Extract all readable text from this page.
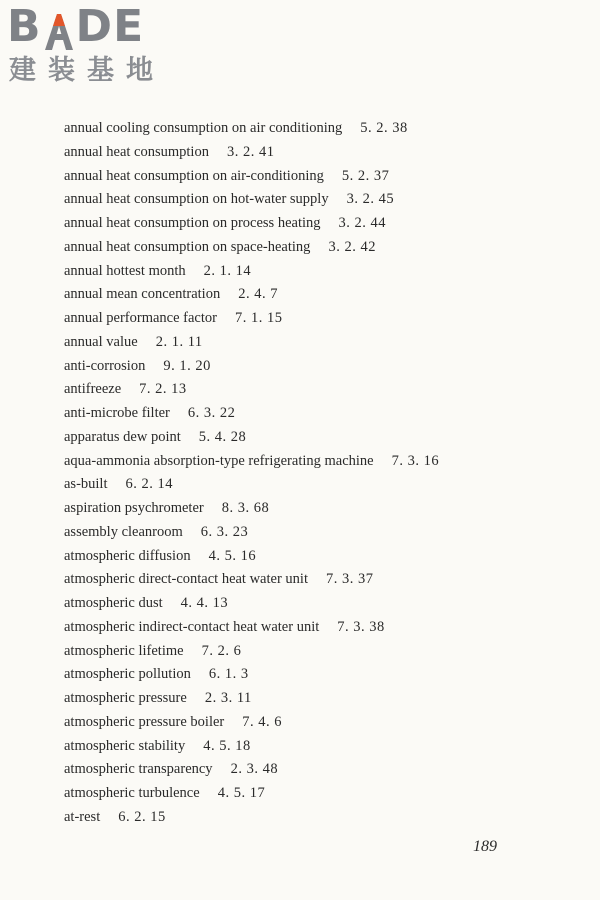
B DE
建装基地
annual cooling consumption on air conditioning 5. 2. 38
annual heat consumption 3. 2. 41
annual heat consumption on air-conditioning 5. 2. 37
annual heat consumption on hot-water supply 3. 2. 45
annual heat consumption on process heating 3. 2. 44
annual heat consumption on space-heating 3. 2. 42
annual hottest month 2. 1. 14
annual mean concentration 2. 4. 7
annual performance factor 7. 1. 15
annual value 2. 1. 11
anti-corrosion 9. 1. 20
antifreeze 7. 2. 13
anti-microbe filter 6. 3. 22
apparatus dew point 5. 4. 28
aqua-ammonia absorption-type refrigerating machine 7. 3. 16
as-built 6. 2. 14
aspiration psychrometer 8. 3. 68
assembly cleanroom 6. 3. 23
atmospheric diffusion 4. 5. 16
atmospheric direct-contact heat water unit 7. 3. 37
atmospheric dust 4. 4. 13
atmospheric indirect-contact heat water unit 7. 3. 38
atmospheric lifetime 7. 2. 6
atmospheric pollution 6. 1. 3
atmospheric pressure 2. 3. 11
atmospheric pressure boiler 7. 4. 6
atmospheric stability 4. 5. 18
atmospheric transparency 2. 3. 48
atmospheric turbulence 4. 5. 17
at-rest 6. 2. 15
189
